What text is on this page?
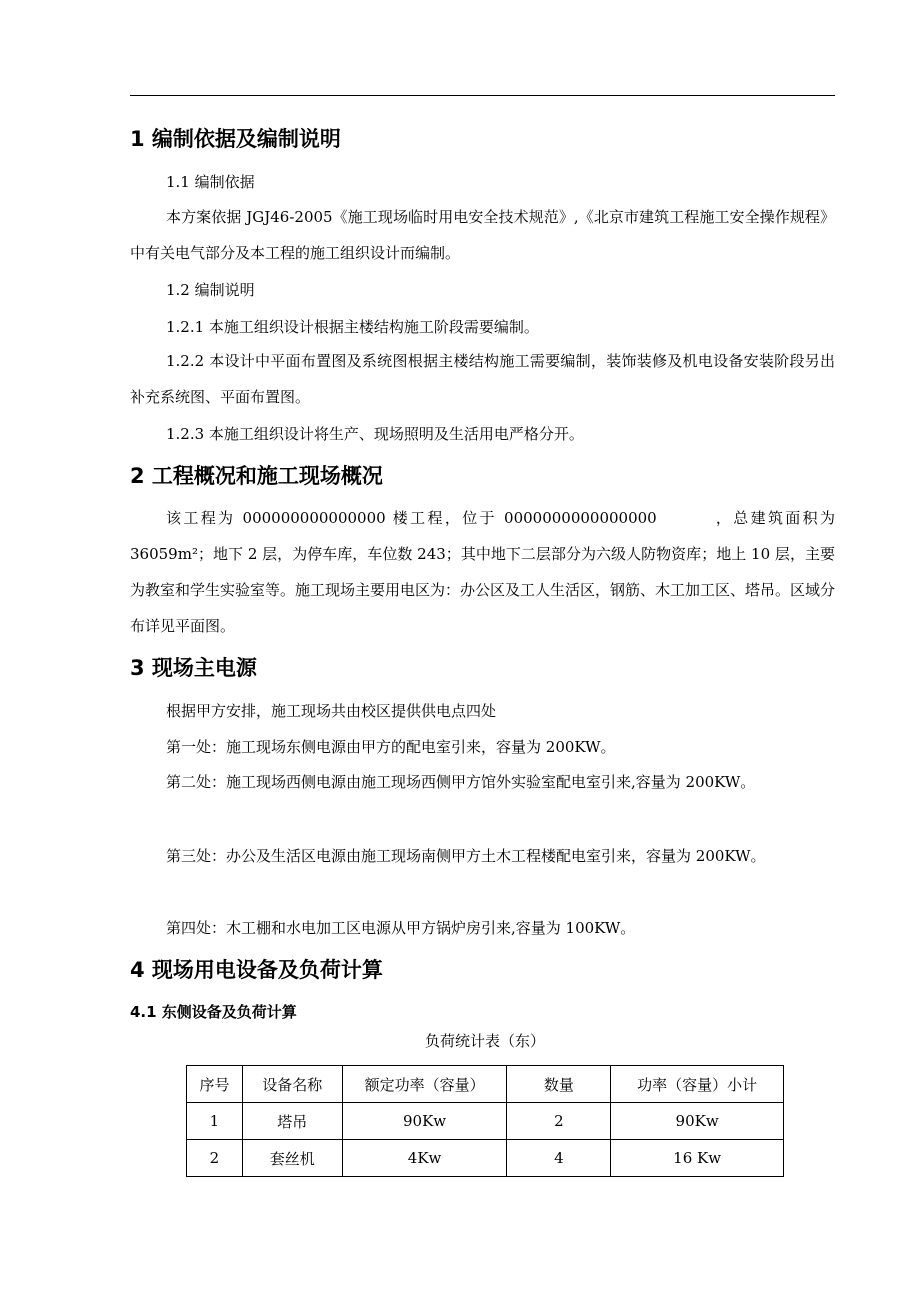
1 编制依据及编制说明
1.1 编制依据
本方案依据 JGJ46-2005《施工现场临时用电安全技术规范》,《北京市建筑工程施工安全操作规程》中有关电气部分及本工程的施工组织设计而编制。
1.2 编制说明
1.2.1 本施工组织设计根据主楼结构施工阶段需要编制。
1.2.2 本设计中平面布置图及系统图根据主楼结构施工需要编制，装饰装修及机电设备安装阶段另出补充系统图、平面布置图。
1.2.3 本施工组织设计将生产、现场照明及生活用电严格分开。
2 工程概况和施工现场概况
该工程为 000000000000000 楼工程，位于 0000000000000000 　　　，总建筑面积为 36059m²；地下 2 层，为停车库，车位数 243；其中地下二层部分为六级人防物资库；地上 10 层，主要为教室和学生实验室等。施工现场主要用电区为：办公区及工人生活区，钢筋、木工加工区、塔吊。区域分布详见平面图。
3 现场主电源
根据甲方安排，施工现场共由校区提供供电点四处
第一处：施工现场东侧电源由甲方的配电室引来，容量为 200KW。
第二处：施工现场西侧电源由施工现场西侧甲方馆外实验室配电室引来,容量为 200KW。
第三处：办公及生活区电源由施工现场南侧甲方土木工程楼配电室引来，容量为 200KW。
第四处：木工棚和水电加工区电源从甲方锅炉房引来,容量为 100KW。
4 现场用电设备及负荷计算
4.1 东侧设备及负荷计算
负荷统计表（东）
序号	设备名称	额定功率（容量）	数量	功率（容量）小计
1	塔吊	90Kw	2	90Kw
2	套丝机	4Kw	4	16 Kw
